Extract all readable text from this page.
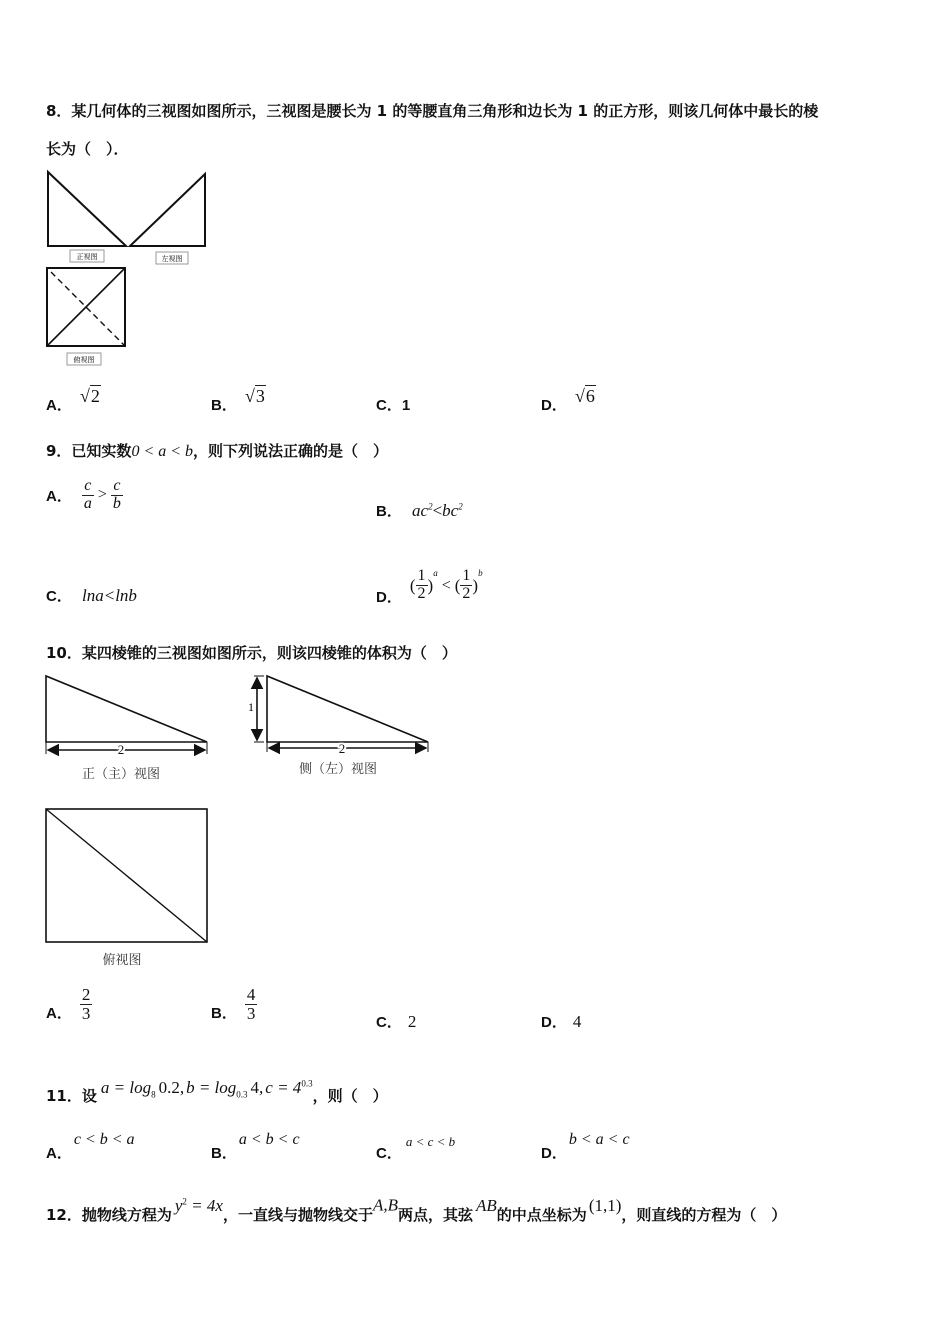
8．某几何体的三视图如图所示，三视图是腰长为 1 的等腰直角三角形和边长为 1 的正方形，则该几何体中最长的棱
长为（　）．
正视图	左视图
俯视图
A． √2	B． √3	C．1	D． √6
9．已知实数0 < a < b，则下列说法正确的是（　）
A． $\frac{c}{a} > \frac{c}{b}$	B． $ac^2<bc^2$
C． lna<lnb	D．
( $\frac{1}{2}$ )
$^a$
< ( $\frac{1}{2}$ )
$^b$
10．某四棱锥的三视图如图所示，则该四棱锥的体积为（　）
2
正（主）视图
1
2
侧（左）视图
俯视图
A． $\frac{2}{3}$	B． $\frac{4}{3}$	C． 2	D． 4
11．设 $a = \log_8 0.2$, $b = \log_{0.3} 4$, $c = 4^{0.3}$，则（　）
A．c < b < a
B．a < b < c
C．a < c < b
D．b < a < c
12．抛物线方程为 $y^2 = 4x$，一直线与抛物线交于A,B两点，其弦 AB的中点坐标为 (1,1)，则直线的方程为（　）
